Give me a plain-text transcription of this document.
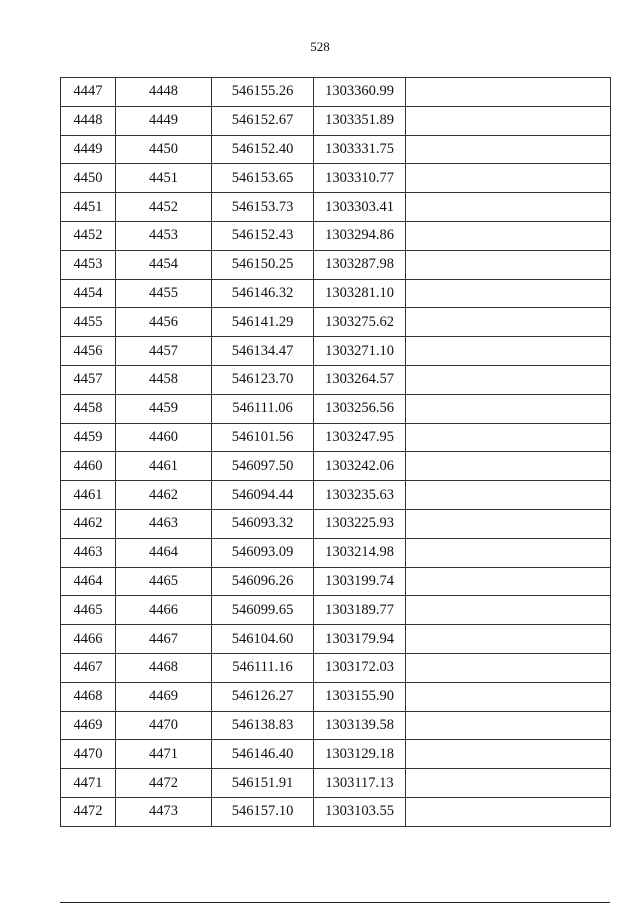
528
4447	4448	546155.26	1303360.99	
4448	4449	546152.67	1303351.89	
4449	4450	546152.40	1303331.75	
4450	4451	546153.65	1303310.77	
4451	4452	546153.73	1303303.41	
4452	4453	546152.43	1303294.86	
4453	4454	546150.25	1303287.98	
4454	4455	546146.32	1303281.10	
4455	4456	546141.29	1303275.62	
4456	4457	546134.47	1303271.10	
4457	4458	546123.70	1303264.57	
4458	4459	546111.06	1303256.56	
4459	4460	546101.56	1303247.95	
4460	4461	546097.50	1303242.06	
4461	4462	546094.44	1303235.63	
4462	4463	546093.32	1303225.93	
4463	4464	546093.09	1303214.98	
4464	4465	546096.26	1303199.74	
4465	4466	546099.65	1303189.77	
4466	4467	546104.60	1303179.94	
4467	4468	546111.16	1303172.03	
4468	4469	546126.27	1303155.90	
4469	4470	546138.83	1303139.58	
4470	4471	546146.40	1303129.18	
4471	4472	546151.91	1303117.13	
4472	4473	546157.10	1303103.55	
